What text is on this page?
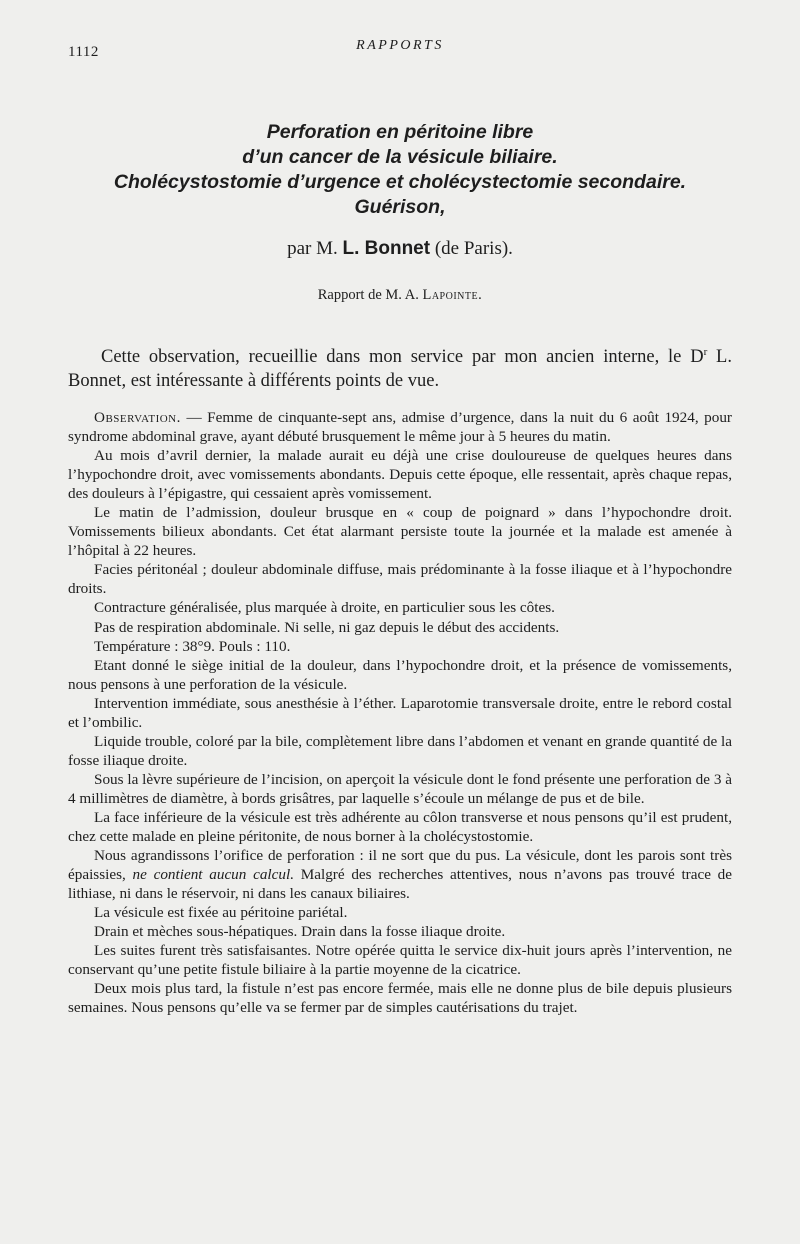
1112	RAPPORTS
Perforation en péritoine libre
d’un cancer de la vésicule biliaire.
Cholécystostomie d’urgence et cholécystectomie secondaire.
Guérison,
par M. L. Bonnet (de Paris).
Rapport de M. A. Lapointe.
Cette observation, recueillie dans mon service par mon ancien interne, le $D^r$ L. Bonnet, est intéressante à différents points de vue.

Observation. — Femme de cinquante-sept ans, admise d’urgence, dans la nuit du 6 août 1924, pour syndrome abdominal grave, ayant débuté brusquement le même jour à 5 heures du matin.

Au mois d’avril dernier, la malade aurait eu déjà une crise douloureuse de quelques heures dans l’hypochondre droit, avec vomissements abondants. Depuis cette époque, elle ressentait, après chaque repas, des douleurs à l’épigastre, qui cessaient après vomissement.

Le matin de l’admission, douleur brusque en « coup de poignard » dans l’hypochondre droit. Vomissements bilieux abondants. Cet état alarmant persiste toute la journée et la malade est amenée à l’hôpital à 22 heures.

Facies péritonéal ; douleur abdominale diffuse, mais prédominante à la fosse iliaque et à l’hypochondre droits.

Contracture généralisée, plus marquée à droite, en particulier sous les côtes.

Pas de respiration abdominale. Ni selle, ni gaz depuis le début des accidents.

Température : 38°9. Pouls : 110.

Etant donné le siège initial de la douleur, dans l’hypochondre droit, et la présence de vomissements, nous pensons à une perforation de la vésicule.

Intervention immédiate, sous anesthésie à l’éther. Laparotomie transversale droite, entre le rebord costal et l’ombilic.

Liquide trouble, coloré par la bile, complètement libre dans l’abdomen et venant en grande quantité de la fosse iliaque droite.

Sous la lèvre supérieure de l’incision, on aperçoit la vésicule dont le fond présente une perforation de 3 à 4 millimètres de diamètre, à bords grisâtres, par laquelle s’écoule un mélange de pus et de bile.

La face inférieure de la vésicule est très adhérente au côlon transverse et nous pensons qu’il est prudent, chez cette malade en pleine péritonite, de nous borner à la cholécystostomie.

Nous agrandissons l’orifice de perforation : il ne sort que du pus. La vésicule, dont les parois sont très épaissies, ne contient aucun calcul. Malgré des recherches attentives, nous n’avons pas trouvé trace de lithiase, ni dans le réservoir, ni dans les canaux biliaires.

La vésicule est fixée au péritoine pariétal.

Drain et mèches sous-hépatiques. Drain dans la fosse iliaque droite.

Les suites furent très satisfaisantes. Notre opérée quitta le service dix-huit jours après l’intervention, ne conservant qu’une petite fistule biliaire à la partie moyenne de la cicatrice.

Deux mois plus tard, la fistule n’est pas encore fermée, mais elle ne donne plus de bile depuis plusieurs semaines. Nous pensons qu’elle va se fermer par de simples cautérisations du trajet.
